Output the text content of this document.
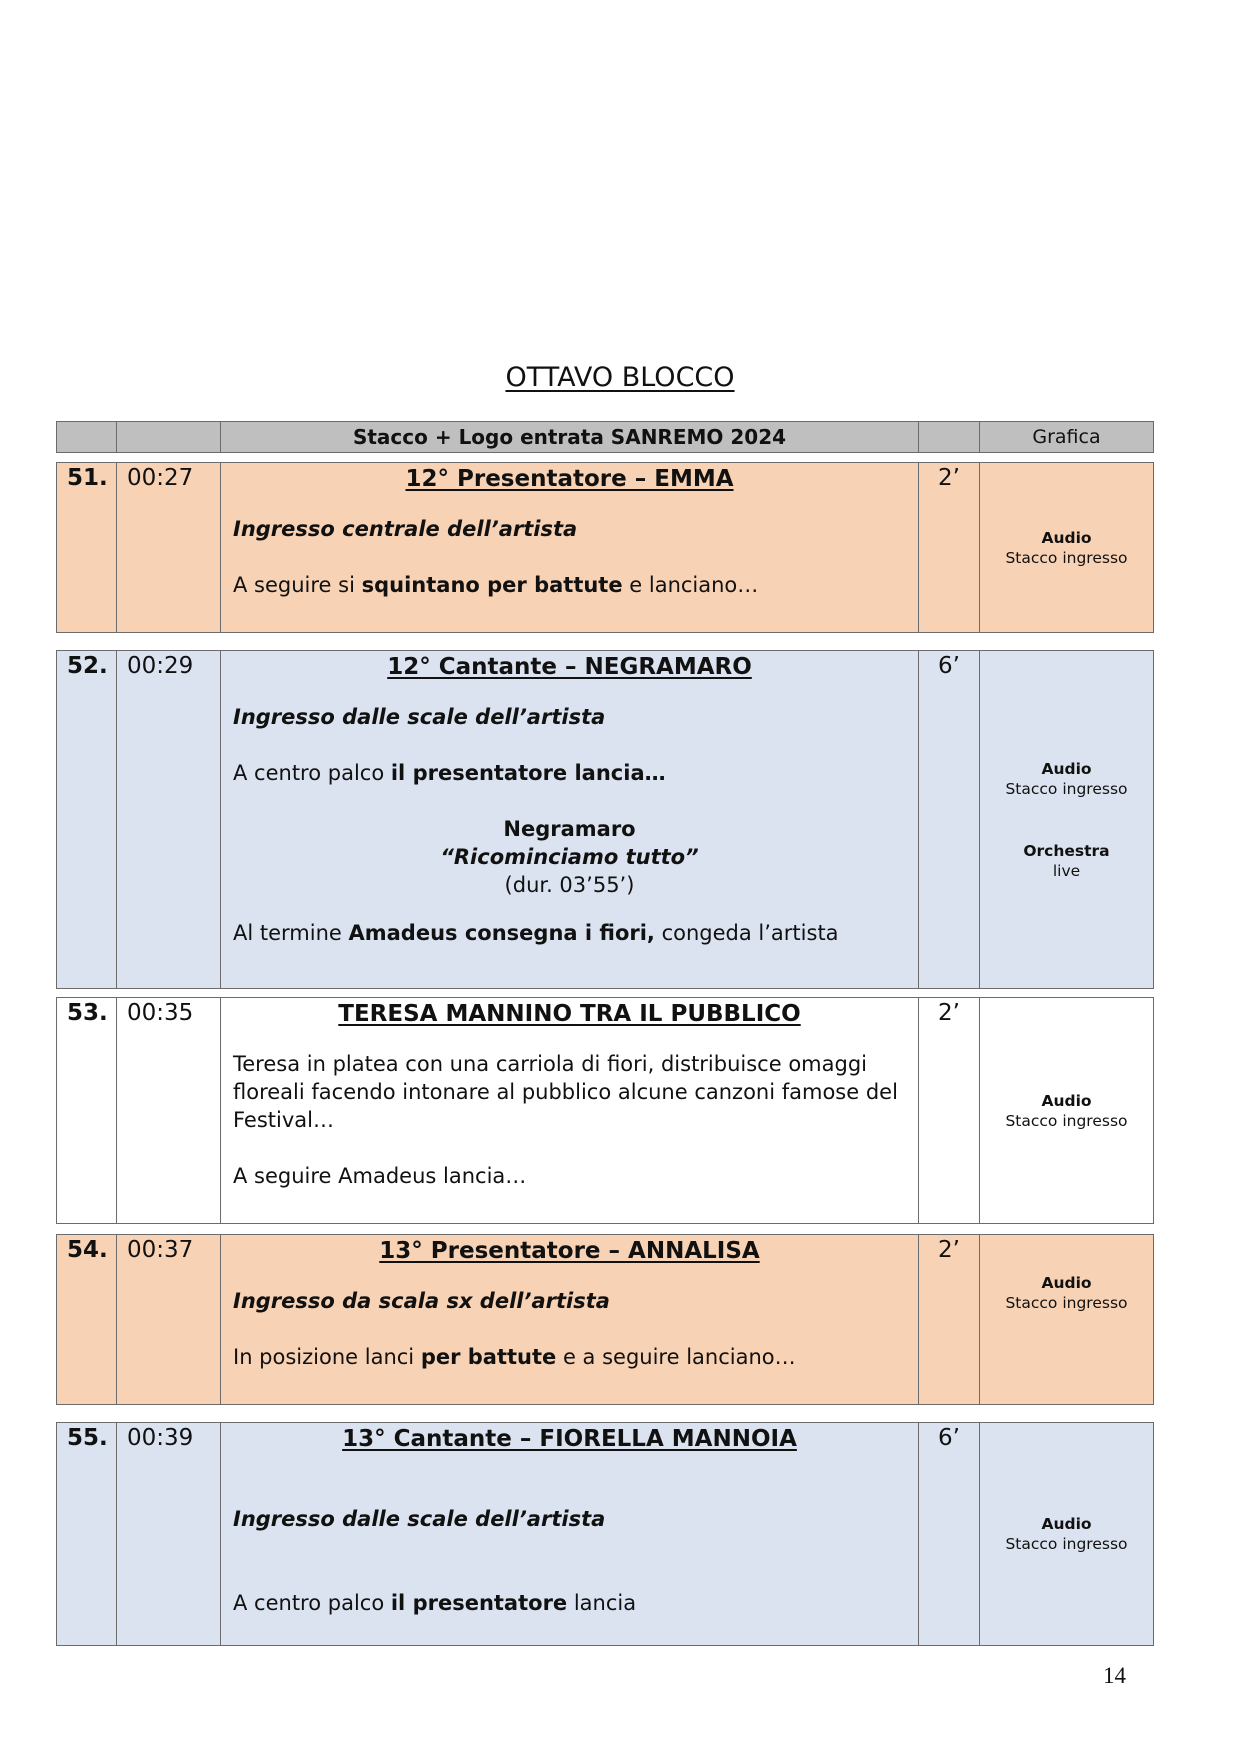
OTTAVO BLOCCO
		Stacco + Logo entrata SANREMO 2024		Grafica
51.	00:27	12° Presentatore – EMMA
Ingresso centrale dell’artista

A seguire si squintano per battute e lanciano…

	2’	
Audio
Stacco ingresso
52.	00:29	12° Cantante – NEGRAMARO
Ingresso dalle scale dell’artista

A centro palco il presentatore lancia…

Negramaro
“Ricominciamo tutto”
(dur. 03’55’)

Al termine Amadeus consegna i fiori, congeda l’artista

	6’	
Audio
Stacco ingresso
Orchestra
live
53.	00:35	TERESA MANNINO TRA IL PUBBLICO

Teresa in platea con una carriola di fiori, distribuisce omaggi floreali facendo intonare al pubblico alcune canzoni famose del Festival…

A seguire Amadeus lancia…

	2’	
Audio
Stacco ingresso
54.	00:37	13° Presentatore – ANNALISA
Ingresso da scala sx dell’artista

In posizione lanci per battute e a seguire lanciano…

	2’	
Audio
Stacco ingresso
55.	00:39	13° Cantante – FIORELLA MANNOIA
Ingresso dalle scale dell’artista

A centro palco il presentatore lancia

	6’	
Audio
Stacco ingresso
14
